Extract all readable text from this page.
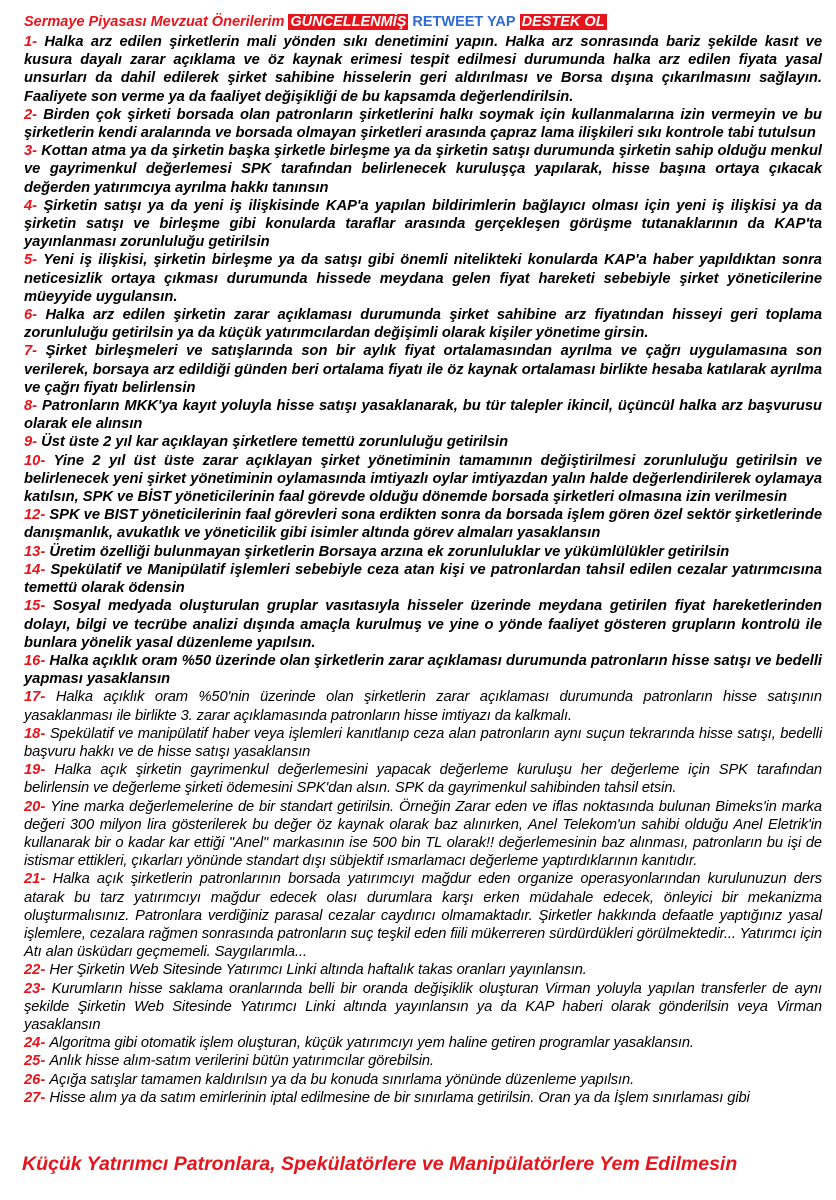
Sermaye Piyasası Mevzuat Önerilerim GÜNCELLENMİŞ RETWEET YAP DESTEK OL

1- Halka arz edilen şirketlerin mali yönden sıkı denetimini yapın. Halka arz sonrasında bariz şekilde kasıt ve kusura dayalı zarar açıklama ve öz kaynak erimesi tespit edilmesi durumunda halka arz edilen fiyata yasal unsurları da dahil edilerek şirket sahibine hisselerin geri aldırılması ve Borsa dışına çıkarılmasını sağlayın. Faaliyete son verme ya da faaliyet değişikliği de bu kapsamda değerlendirilsin.

2- Birden çok şirketi borsada olan patronların şirketlerini halkı soymak için kullanmalarına izin vermeyin ve bu şirketlerin kendi aralarında ve borsada olmayan şirketleri arasında çapraz lama ilişkileri sıkı kontrole tabi tutulsun

3- Kottan atma ya da şirketin başka şirketle birleşme ya da şirketin satışı durumunda şirketin sahip olduğu menkul ve gayrimenkul değerlemesi SPK tarafından belirlenecek kuruluşça yapılarak, hisse başına ortaya çıkacak değerden yatırımcıya ayrılma hakkı tanınsın

4- Şirketin satışı ya da yeni iş ilişkisinde KAP'a yapılan bildirimlerin bağlayıcı olması için yeni iş ilişkisi ya da şirketin satışı ve birleşme gibi konularda taraflar arasında gerçekleşen görüşme tutanaklarının da KAP'ta yayınlanması zorunluluğu getirilsin

5- Yeni iş ilişkisi, şirketin birleşme ya da satışı gibi önemli nitelikteki konularda KAP'a haber yapıldıktan sonra neticesizlik ortaya çıkması durumunda hissede meydana gelen fiyat hareketi sebebiyle şirket yöneticilerine müeyyide uygulansın.

6- Halka arz edilen şirketin zarar açıklaması durumunda şirket sahibine arz fiyatından hisseyi geri toplama zorunluluğu getirilsin ya da küçük yatırımcılardan değişimli olarak kişiler yönetime girsin.

7- Şirket birleşmeleri ve satışlarında son bir aylık fiyat ortalamasından ayrılma ve çağrı uygulamasına son verilerek, borsaya arz edildiği günden beri ortalama fiyatı ile öz kaynak ortalaması birlikte hesaba katılarak ayrılma ve çağrı fiyatı belirlensin

8- Patronların MKK'ya kayıt yoluyla hisse satışı yasaklanarak, bu tür talepler ikincil, üçüncül halka arz başvurusu olarak ele alınsın

9- Üst üste 2 yıl kar açıklayan şirketlere temettü zorunluluğu getirilsin

10- Yine 2 yıl üst üste zarar açıklayan şirket yönetiminin tamamının değiştirilmesi zorunluluğu getirilsin ve belirlenecek yeni şirket yönetiminin oylamasında imtiyazlı oylar imtiyazdan yalın halde değerlendirilerek oylamaya katılsın, SPK ve BİST yöneticilerinin faal görevde olduğu dönemde borsada şirketleri olmasına izin verilmesin

12- SPK ve BIST yöneticilerinin faal görevleri sona erdikten sonra da borsada işlem gören özel sektör şirketlerinde danışmanlık, avukatlık ve yöneticilik gibi isimler altında görev almaları yasaklansın

13- Üretim özelliği bulunmayan şirketlerin Borsaya arzına ek zorunluluklar ve yükümlülükler getirilsin

14- Spekülatif ve Manipülatif işlemleri sebebiyle ceza atan kişi ve patronlardan tahsil edilen cezalar yatırımcısına temettü olarak ödensin

15- Sosyal medyada oluşturulan gruplar vasıtasıyla hisseler üzerinde meydana getirilen fiyat hareketlerinden dolayı, bilgi ve tecrübe analizi dışında amaçla kurulmuş ve yine o yönde faaliyet gösteren grupların kontrolü ile bunlara yönelik yasal düzenleme yapılsın.

16- Halka açıklık oram %50 üzerinde olan şirketlerin zarar açıklaması durumunda patronların hisse satışı ve bedelli yapması yasaklansın

17- Halka açıklık oram %50'nin üzerinde olan şirketlerin zarar açıklaması durumunda patronların hisse satışının yasaklanması ile birlikte 3. zarar açıklamasında patronların hisse imtiyazı da kalkmalı.

18- Spekülatif ve manipülatif haber veya işlemleri kanıtlanıp ceza alan patronların aynı suçun tekrarında hisse satışı, bedelli başvuru hakkı ve de hisse satışı yasaklansın

19- Halka açık şirketin gayrimenkul değerlemesini yapacak değerleme kuruluşu her değerleme için SPK tarafından belirlensin ve değerleme şirketi ödemesini SPK'dan alsın. SPK da gayrimenkul sahibinden tahsil etsin.

20- Yine marka değerlemelerine de bir standart getirilsin. Örneğin Zarar eden ve iflas noktasında bulunan Bimeks'in marka değeri 300 milyon lira gösterilerek bu değer öz kaynak olarak baz alınırken, Anel Telekom'un sahibi olduğu Anel Eletrik'in kullanarak bir o kadar kar ettiği "Anel" markasının ise 500 bin TL olarak!! değerlemesinin baz alınması, patronların bu işi de istismar ettikleri, çıkarları yönünde standart dışı sübjektif ısmarlamacı değerleme yaptırdıklarının kanıtıdır.

21- Halka açık şirketlerin patronlarının borsada yatırımcıyı mağdur eden organize operasyonlarından kurulunuzun ders atarak bu tarz yatırımcıyı mağdur edecek olası durumlara karşı erken müdahale edecek, önleyici bir mekanizma oluşturmalısınız. Patronlara verdiğiniz parasal cezalar caydırıcı olmamaktadır. Şirketler hakkında defaatle yaptığınız yasal işlemlere, cezalara rağmen sonrasında patronların suç teşkil eden fiili mükerreren sürdürdükleri görülmektedir... Yatırımcı için Atı alan üsküdarı geçmemeli. Saygılarımla...

22- Her Şirketin Web Sitesinde Yatırımcı Linki altında haftalık takas oranları yayınlansın.

23- Kurumların hisse saklama oranlarında belli bir oranda değişiklik oluşturan Virman yoluyla yapılan transferler de aynı şekilde Şirketin Web Sitesinde Yatırımcı Linki altında yayınlansın ya da KAP haberi olarak gönderilsin veya Virman yasaklansın

24- Algoritma gibi otomatik işlem oluşturan, küçük yatırımcıyı yem haline getiren programlar yasaklansın.

25- Anlık hisse alım-satım verilerini bütün yatırımcılar görebilsin.

26- Açığa satışlar tamamen kaldırılsın ya da bu konuda sınırlama yönünde düzenleme yapılsın.

27- Hisse alım ya da satım emirlerinin iptal edilmesine de bir sınırlama getirilsin. Oran ya da İşlem sınırlaması gibi

Küçük Yatırımcı Patronlara, Spekülatörlere ve Manipülatörlere Yem Edilmesin
